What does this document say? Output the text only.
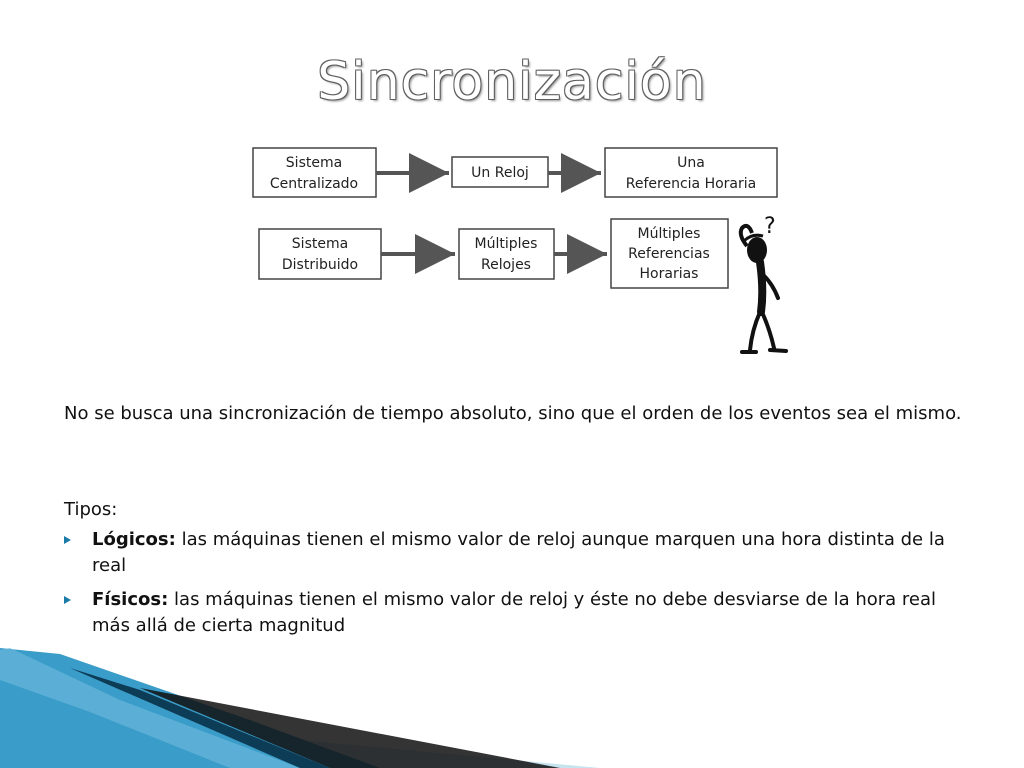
Sincronización
Sistema
Centralizado
Un Reloj
Una
Referencia Horaria
Sistema
Distribuido
Múltiples
Relojes
Múltiples
Referencias
Horarias
?
No se busca una sincronización de tiempo absoluto, sino que el orden de los eventos sea el mismo.
Tipos:
Lógicos: las máquinas tienen el mismo valor de reloj aunque marquen una hora distinta de la real
Físicos: las máquinas tienen el mismo valor de reloj y éste no debe desviarse de la hora real más allá de cierta magnitud
